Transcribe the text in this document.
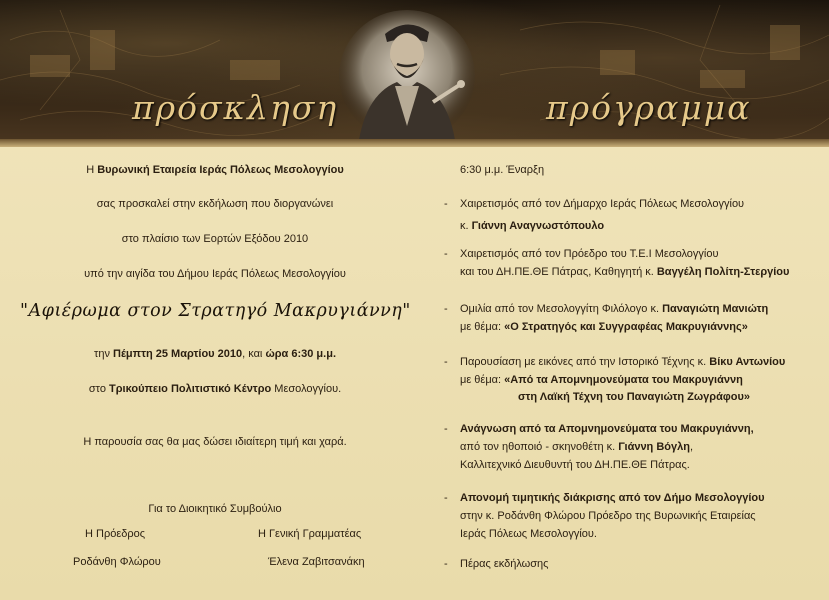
πρόσκληση	πρόγραμμα
Η Βυρωνική Εταιρεία Ιεράς Πόλεως Μεσολογγίου
σας προσκαλεί στην εκδήλωση που διοργανώνει
στο πλαίσιο των Εορτών Εξόδου 2010
υπό την αιγίδα του Δήμου Ιεράς Πόλεως Μεσολογγίου
"Αφιέρωμα στον Στρατηγό Μακρυγιάννη"
την Πέμπτη 25 Μαρτίου 2010, και ώρα 6:30 μ.μ.
στο Τρικούπειο Πολιτιστικό Κέντρο Μεσολογγίου.
Η παρουσία σας θα μας δώσει ιδιαίτερη τιμή και χαρά.
Για το Διοικητικό Συμβούλιο
Η Πρόεδρος
Ροδάνθη Φλώρου
Η Γενική Γραμματέας
Έλενα Ζαβιτσανάκη
6:30 μ.μ. Έναρξη
- Χαιρετισμός από τον Δήμαρχο Ιεράς Πόλεως Μεσολογγίου
κ. Γιάννη Αναγνωστόπουλο
- Χαιρετισμός από τον Πρόεδρο του Τ.Ε.Ι Μεσολογγίου
και του ΔΗ.ΠΕ.ΘΕ Πάτρας, Καθηγητή κ. Βαγγέλη Πολίτη-Στεργίου
- Ομιλία από τον Μεσολογγίτη Φιλόλογο κ. Παναγιώτη Μανιώτη
με θέμα: «Ο Στρατηγός και Συγγραφέας Μακρυγιάννης»
- Παρουσίαση με εικόνες από την Ιστορικό Τέχνης κ. Βίκυ Αντωνίου
με θέμα: «Από τα Απομνημονεύματα του Μακρυγιάννη
στη Λαϊκή Τέχνη του Παναγιώτη Ζωγράφου»
- Ανάγνωση από τα Απομνημονεύματα του Μακρυγιάννη,
από τον ηθοποιό - σκηνοθέτη κ. Γιάννη Βόγλη,
Καλλιτεχνικό Διευθυντή του ΔΗ.ΠΕ.ΘΕ Πάτρας.
- Απονομή τιμητικής διάκρισης από τον Δήμο Μεσολογγίου
στην κ. Ροδάνθη Φλώρου Πρόεδρο της Βυρωνικής Εταιρείας
Ιεράς Πόλεως Μεσολογγίου.
- Πέρας εκδήλωσης
